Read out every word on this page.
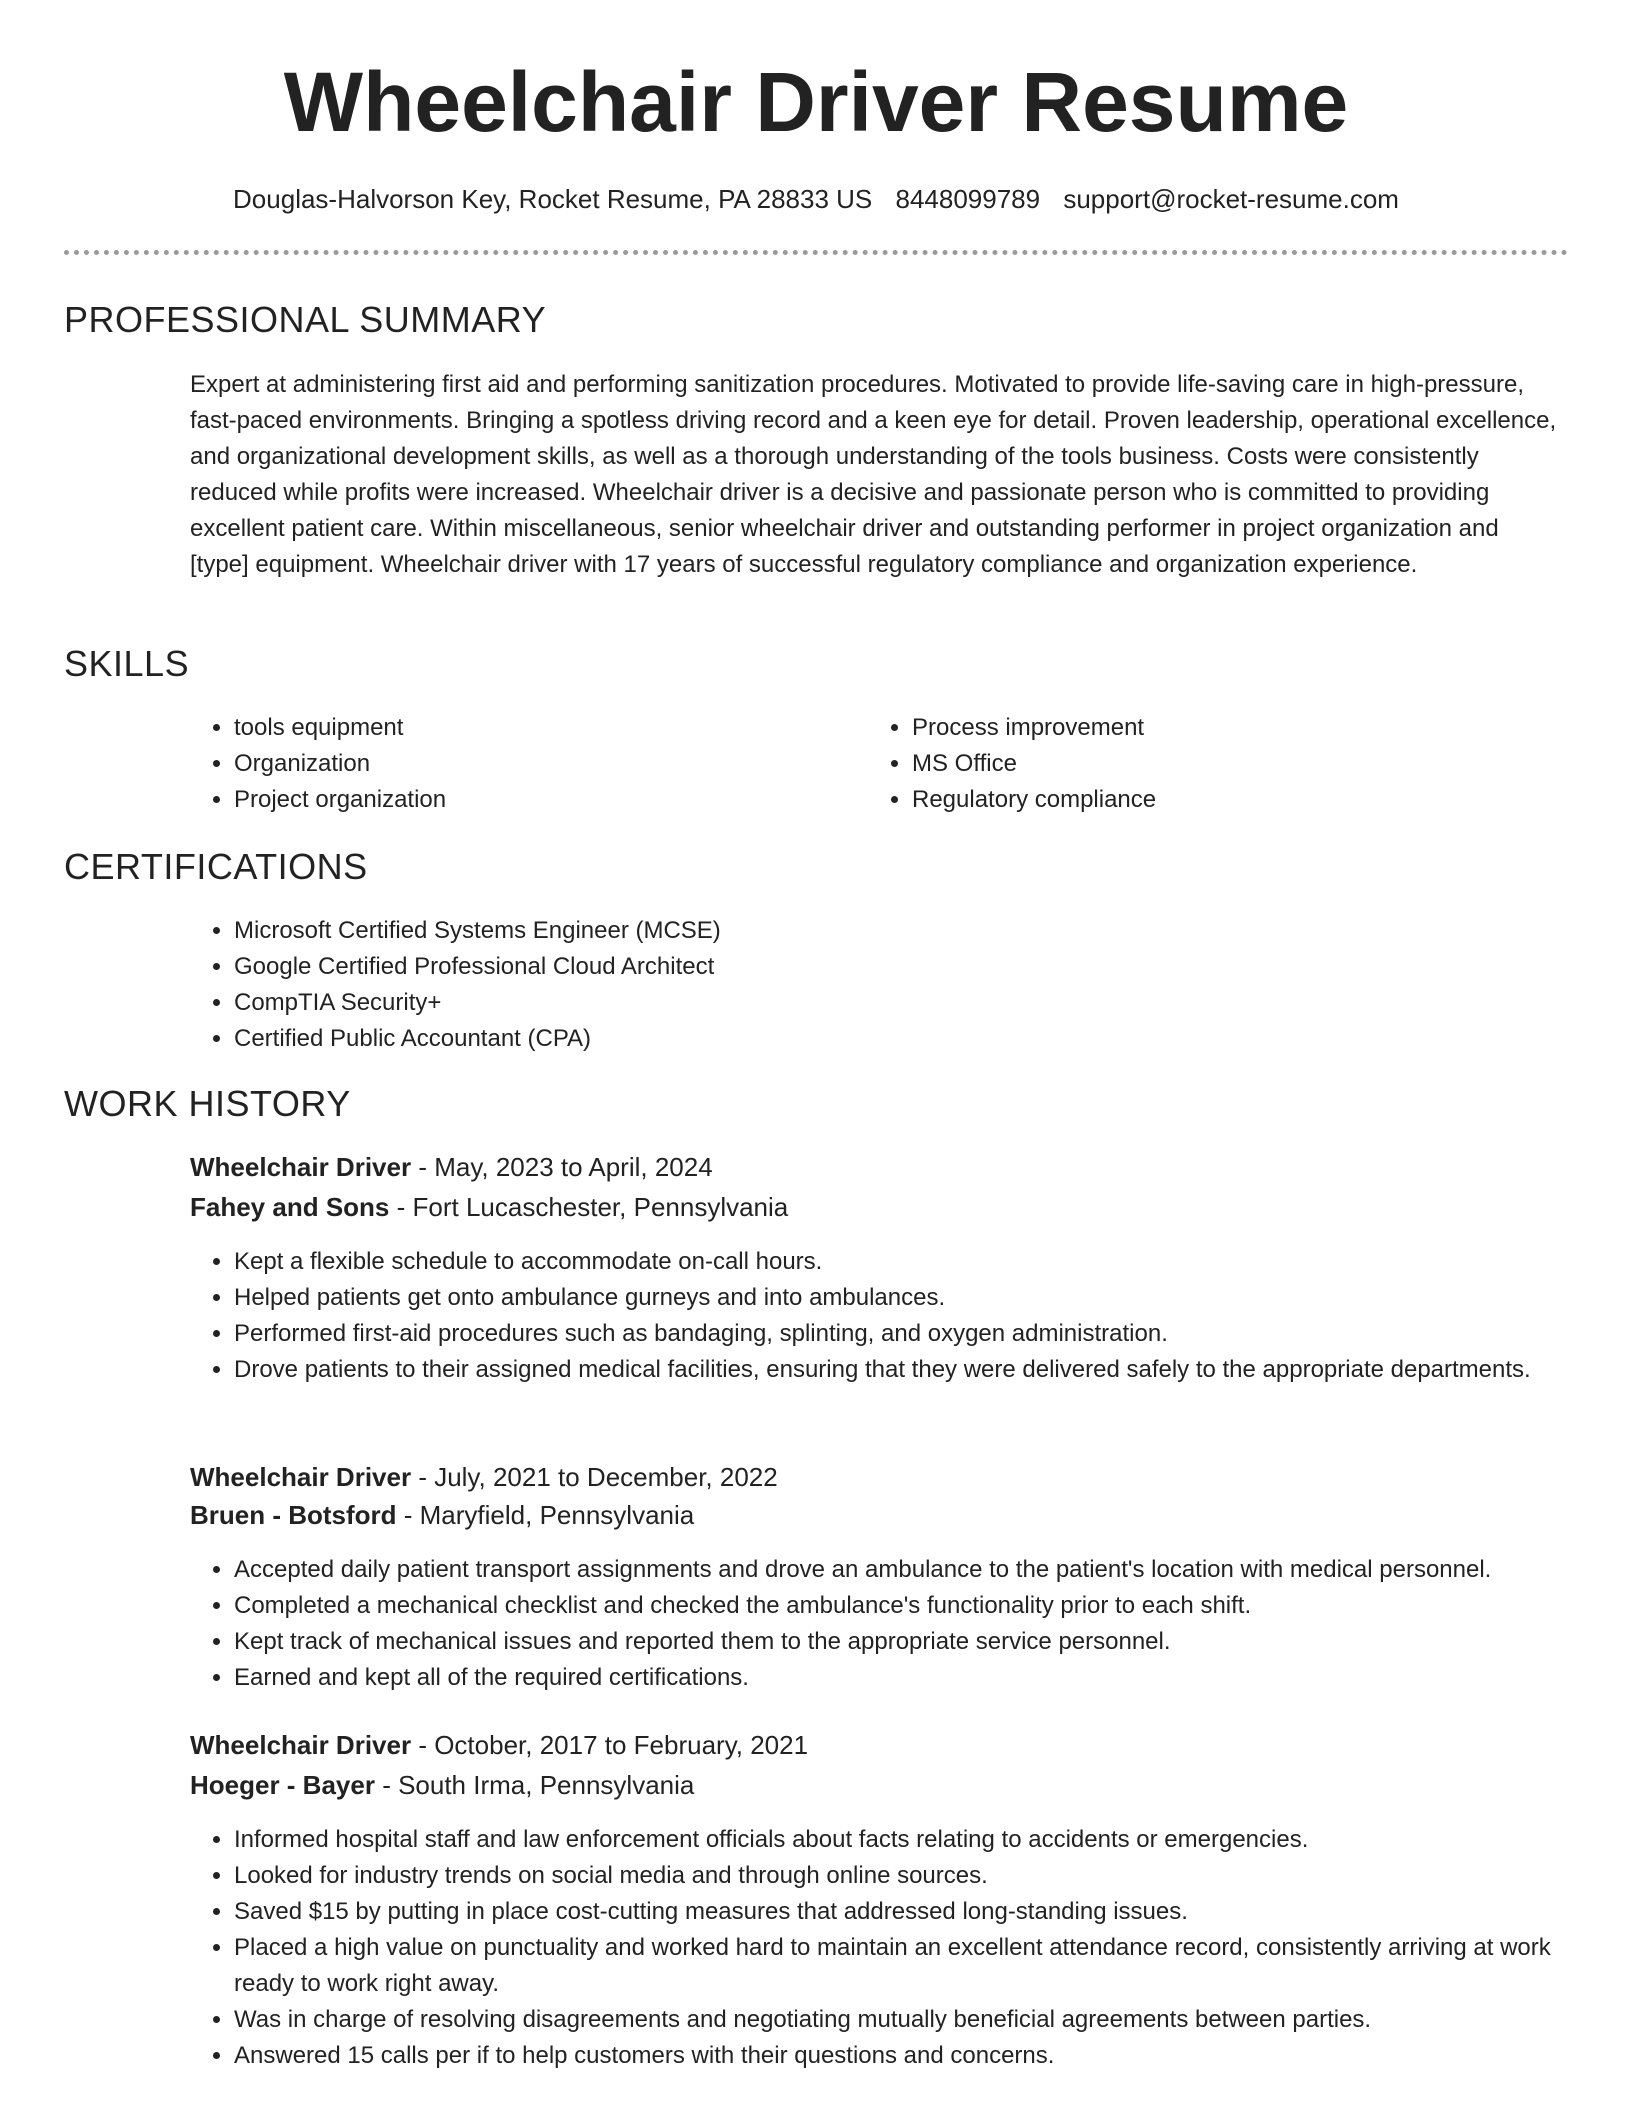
Wheelchair Driver Resume
Douglas-Halvorson Key, Rocket Resume, PA 28833 US 8448099789 support@rocket-resume.com
PROFESSIONAL SUMMARY

Expert at administering first aid and performing sanitization procedures. Motivated to provide life-saving care in high-pressure, fast-paced environments. Bringing a spotless driving record and a keen eye for detail. Proven leadership, operational excellence, and organizational development skills, as well as a thorough understanding of the tools business. Costs were consistently reduced while profits were increased. Wheelchair driver is a decisive and passionate person who is committed to providing excellent patient care. Within miscellaneous, senior wheelchair driver and outstanding performer in project organization and [type] equipment. Wheelchair driver with 17 years of successful regulatory compliance and organization experience.

SKILLS
• tools equipment
• Organization
• Project organization
• Process improvement
• MS Office
• Regulatory compliance
CERTIFICATIONS
• Microsoft Certified Systems Engineer (MCSE)
• Google Certified Professional Cloud Architect
• CompTIA Security+
• Certified Public Accountant (CPA)
WORK HISTORY
Wheelchair Driver - May, 2023 to April, 2024
Fahey and Sons - Fort Lucaschester, Pennsylvania
• Kept a flexible schedule to accommodate on-call hours.
• Helped patients get onto ambulance gurneys and into ambulances.
• Performed first-aid procedures such as bandaging, splinting, and oxygen administration.
• Drove patients to their assigned medical facilities, ensuring that they were delivered safely to the appropriate departments.
Wheelchair Driver - July, 2021 to December, 2022
Bruen - Botsford - Maryfield, Pennsylvania
• Accepted daily patient transport assignments and drove an ambulance to the patient's location with medical personnel.
• Completed a mechanical checklist and checked the ambulance's functionality prior to each shift.
• Kept track of mechanical issues and reported them to the appropriate service personnel.
• Earned and kept all of the required certifications.
Wheelchair Driver - October, 2017 to February, 2021
Hoeger - Bayer - South Irma, Pennsylvania
• Informed hospital staff and law enforcement officials about facts relating to accidents or emergencies.
• Looked for industry trends on social media and through online sources.
• Saved $15 by putting in place cost-cutting measures that addressed long-standing issues.
• Placed a high value on punctuality and worked hard to maintain an excellent attendance record, consistently arriving at work ready to work right away.
• Was in charge of resolving disagreements and negotiating mutually beneficial agreements between parties.
• Answered 15 calls per if to help customers with their questions and concerns.
